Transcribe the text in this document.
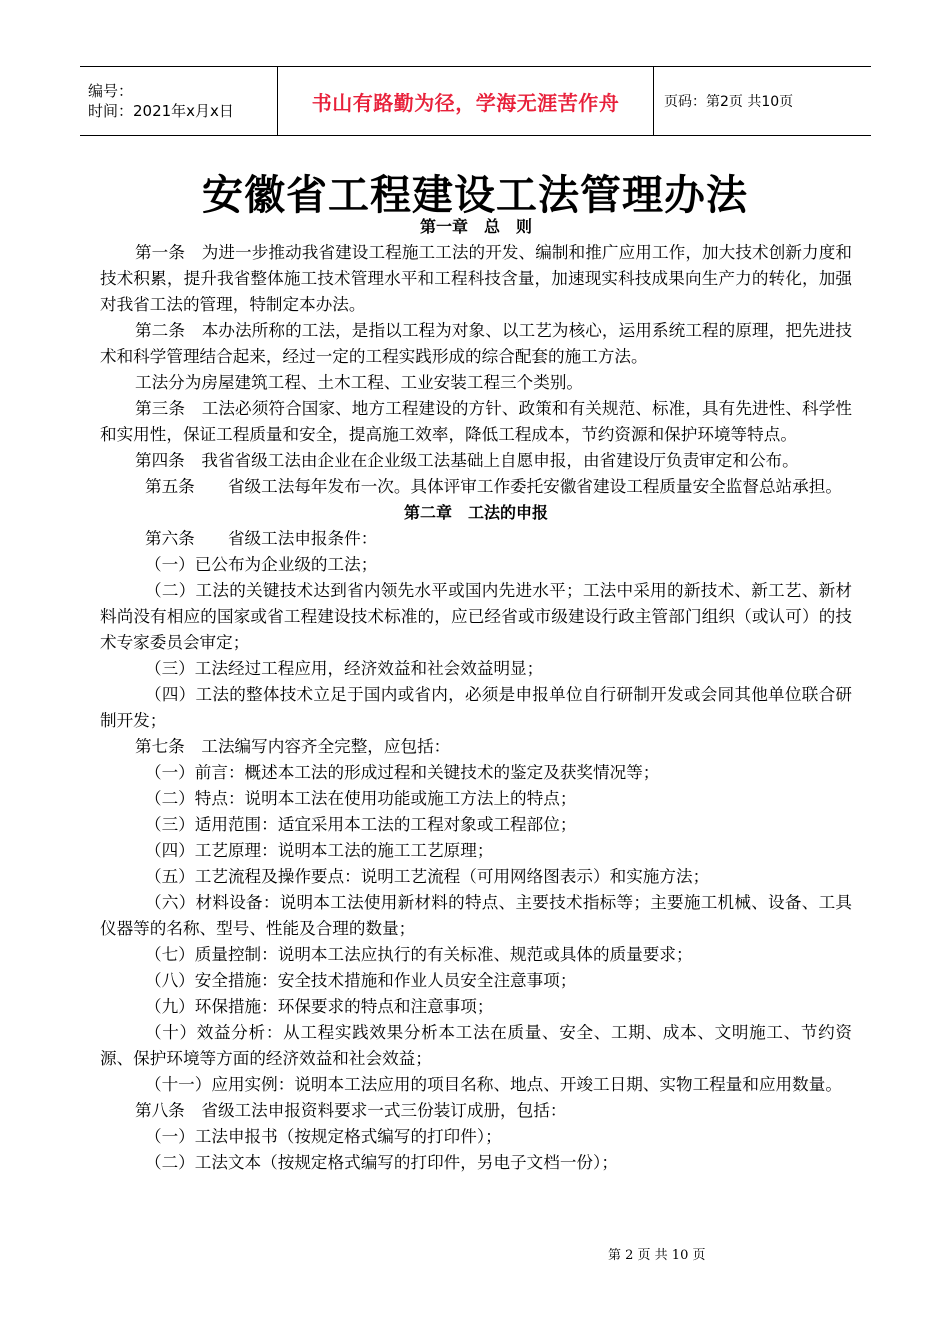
编号：
时间：2021年x月x日	书山有路勤为径，学海无涯苦作舟	页码：第2页 共10页
安徽省工程建设工法管理办法

第一章　总　则

第一条　为进一步推动我省建设工程施工工法的开发、编制和推广应用工作，加大技术创新力度和技术积累，提升我省整体施工技术管理水平和工程科技含量，加速现实科技成果向生产力的转化，加强对我省工法的管理，特制定本办法。

第二条　本办法所称的工法，是指以工程为对象、以工艺为核心，运用系统工程的原理，把先进技术和科学管理结合起来，经过一定的工程实践形成的综合配套的施工方法。

工法分为房屋建筑工程、土木工程、工业安装工程三个类别。

第三条　工法必须符合国家、地方工程建设的方针、政策和有关规范、标准，具有先进性、科学性和实用性，保证工程质量和安全，提高施工效率，降低工程成本，节约资源和保护环境等特点。

第四条　我省省级工法由企业在企业级工法基础上自愿申报，由省建设厅负责审定和公布。

第五条　　省级工法每年发布一次。具体评审工作委托安徽省建设工程质量安全监督总站承担。

第二章　工法的申报

第六条　　省级工法申报条件：

（一）已公布为企业级的工法；

（二）工法的关键技术达到省内领先水平或国内先进水平；工法中采用的新技术、新工艺、新材料尚没有相应的国家或省工程建设技术标准的，应已经省或市级建设行政主管部门组织（或认可）的技术专家委员会审定；

（三）工法经过工程应用，经济效益和社会效益明显；

（四）工法的整体技术立足于国内或省内，必须是申报单位自行研制开发或会同其他单位联合研制开发；

第七条　工法编写内容齐全完整，应包括：

（一）前言：概述本工法的形成过程和关键技术的鉴定及获奖情况等；

（二）特点：说明本工法在使用功能或施工方法上的特点；

（三）适用范围：适宜采用本工法的工程对象或工程部位；

（四）工艺原理：说明本工法的施工工艺原理；

（五）工艺流程及操作要点：说明工艺流程（可用网络图表示）和实施方法；

（六）材料设备：说明本工法使用新材料的特点、主要技术指标等；主要施工机械、设备、工具仪器等的名称、型号、性能及合理的数量；

（七）质量控制：说明本工法应执行的有关标准、规范或具体的质量要求；

（八）安全措施：安全技术措施和作业人员安全注意事项；

（九）环保措施：环保要求的特点和注意事项；

（十）效益分析：从工程实践效果分析本工法在质量、安全、工期、成本、文明施工、节约资源、保护环境等方面的经济效益和社会效益；

（十一）应用实例：说明本工法应用的项目名称、地点、开竣工日期、实物工程量和应用数量。

第八条　省级工法申报资料要求一式三份装订成册，包括：

（一）工法申报书（按规定格式编写的打印件）；

（二）工法文本（按规定格式编写的打印件，另电子文档一份）；

第 2 页 共 10 页
